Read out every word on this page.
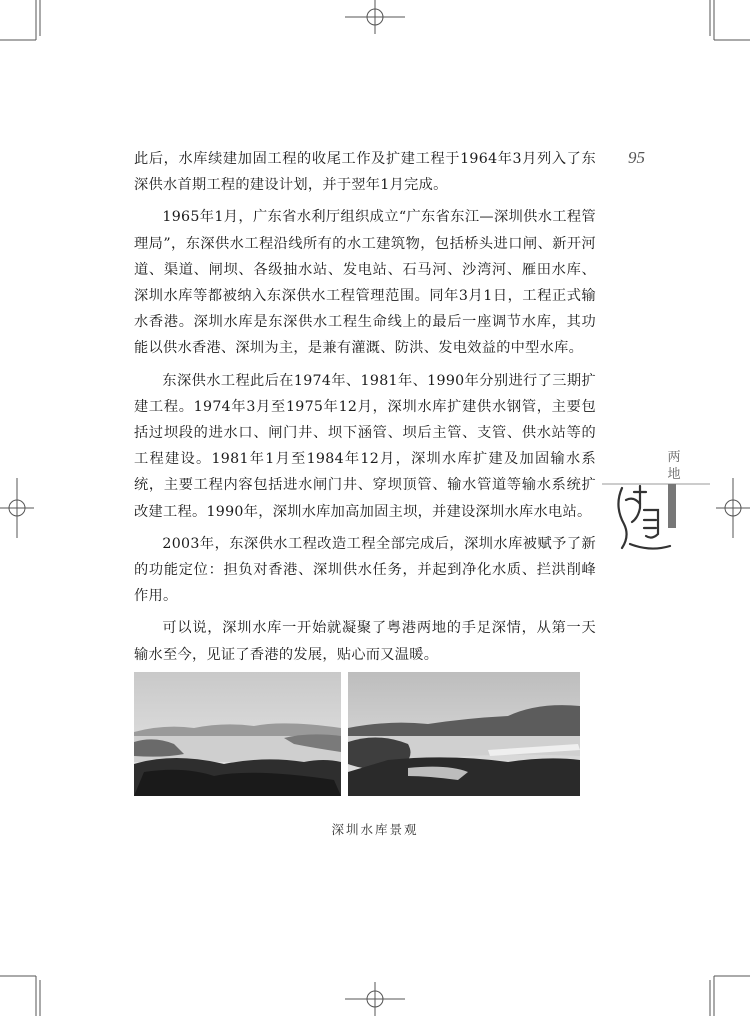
95

此后，水库续建加固工程的收尾工作及扩建工程于1964年3月列入了东深供水首期工程的建设计划，并于翌年1月完成。

1965年1月，广东省水利厅组织成立“广东省东江—深圳供水工程管理局”，东深供水工程沿线所有的水工建筑物，包括桥头进口闸、新开河道、渠道、闸坝、各级抽水站、发电站、石马河、沙湾河、雁田水库、深圳水库等都被纳入东深供水工程管理范围。同年3月1日，工程正式输水香港。深圳水库是东深供水工程生命线上的最后一座调节水库，其功能以供水香港、深圳为主，是兼有灌溉、防洪、发电效益的中型水库。

东深供水工程此后在1974年、1981年、1990年分别进行了三期扩建工程。1974年3月至1975年12月，深圳水库扩建供水钢管，主要包括过坝段的进水口、闸门井、坝下涵管、坝后主管、支管、供水站等的工程建设。1981年1月至1984年12月，深圳水库扩建及加固输水系统，主要工程内容包括进水闸门井、穿坝顶管、输水管道等输水系统扩改建工程。1990年，深圳水库加高加固主坝，并建设深圳水库水电站。

2003年，东深供水工程改造工程全部完成后，深圳水库被赋予了新的功能定位：担负对香港、深圳供水任务，并起到净化水质、拦洪削峰作用。

可以说，深圳水库一开始就凝聚了粤港两地的手足深情，从第一天输水至今，见证了香港的发展，贴心而又温暖。

两
地
深圳水库景观
